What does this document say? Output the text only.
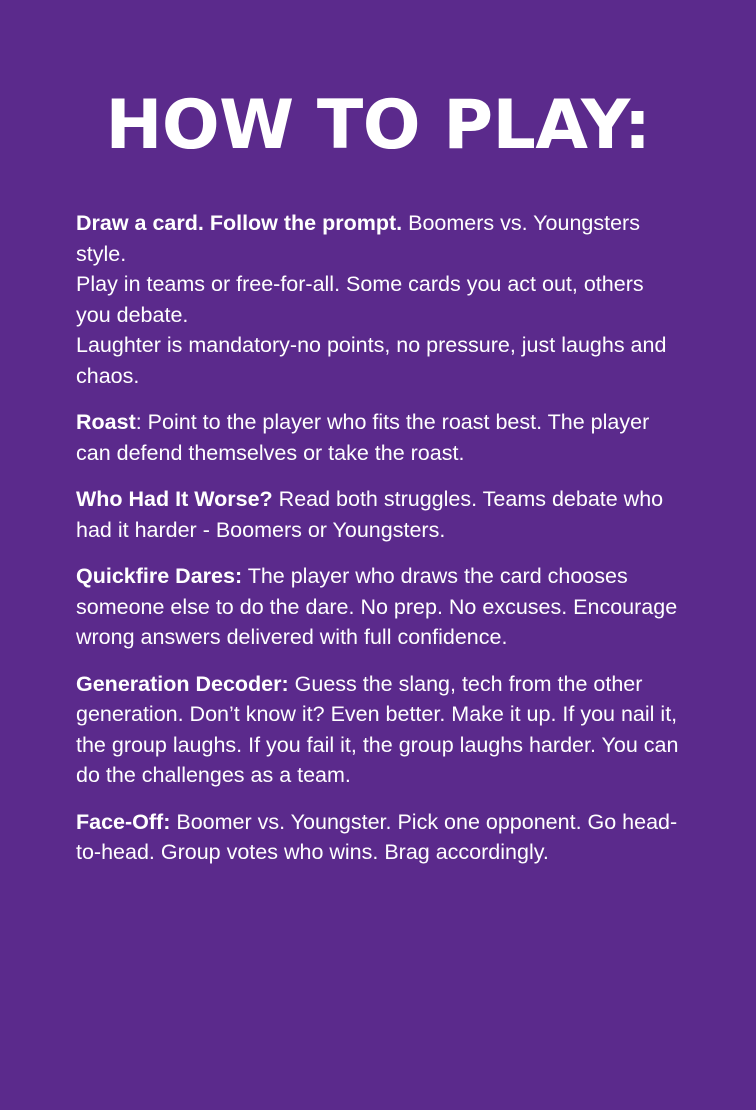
HOW TO PLAY:

Draw a card. Follow the prompt. Boomers vs. Youngsters style.

Play in teams or free-for-all. Some cards you act out, others you debate.

Laughter is mandatory-no points, no pressure, just laughs and chaos.

Roast: Point to the player who fits the roast best. The player can defend themselves or take the roast.

Who Had It Worse? Read both struggles. Teams debate who had it harder - Boomers or Youngsters.

Quickfire Dares: The player who draws the card chooses someone else to do the dare. No prep. No excuses. Encourage wrong answers delivered with full confidence.

Generation Decoder: Guess the slang, tech from the other generation. Don’t know it? Even better. Make it up. If you nail it, the group laughs. If you fail it, the group laughs harder. You can do the challenges as a team.

Face-Off: Boomer vs. Youngster. Pick one opponent. Go head-to-head. Group votes who wins. Brag accordingly.
